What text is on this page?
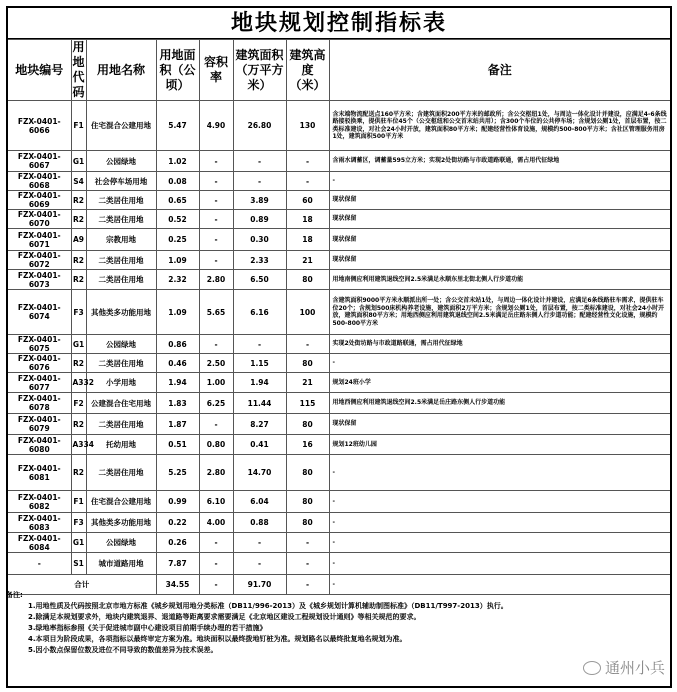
地块规划控制指标表
地块编号	用地代码	用地名称	用地面积（公顷）	容积率	建筑面积（万平方米）	建筑高度（米）	备注
FZX-0401-6066	F1	住宅混合公建用地	5.47	4.90	26.80	130	含末端物流配送点160平方米；含建筑面积200平方米的邮政所；含公交枢纽1处，与周边一体化设计并建设，应满足4-6条线路接驳换乘，提供驻车位45个（公交枢纽和公交首末站共用）；含300个车位的公共停车场；含规划公厕1处，首层布置，按二类标准建设，对社会24小时开放，建筑面积80平方米；配建经营性体育设施，规模约500-800平方米；含社区管理服务用房1处，建筑面积500平方米
FZX-0401-6067	G1	公园绿地	1.02	-	-	-	含雨水调蓄区，调蓄量595立方米；实现2处街坊路与市政道路联通，需占用代征绿地
FZX-0401-6068	S4	社会停车场用地	0.08	-	-	-	-
FZX-0401-6069	R2	二类居住用地	0.65	-	3.89	60	现状保留
FZX-0401-6070	R2	二类居住用地	0.52	-	0.89	18	现状保留
FZX-0401-6071	A9	宗教用地	0.25	-	0.30	18	现状保留
FZX-0401-6072	R2	二类居住用地	1.09	-	2.33	21	现状保留
FZX-0401-6073	R2	二类居住用地	2.32	2.80	6.50	80	用地南侧应利用建筑退线空间2.5米满足永顺东里北街北侧人行步道功能
FZX-0401-6074	F3	其他类多功能用地	1.09	5.65	6.16	100	含建筑面积9000平方米永顺派出所一处；含公交首末站1处，与周边一体化设计并建设，应满足6条线路驻车需求，提供驻车位20个；含规划500床机构养老设施，建筑面积2万平方米；含规划公厕1处，首层布置，按二类标准建设，对社会24小时开放，建筑面积80平方米；用地西侧应利用建筑退线空间2.5米满足岳庄路东侧人行步道功能；配建经营性文化设施，规模约500-800平方米
FZX-0401-6075	G1	公园绿地	0.86	-	-	-	实现2处街坊路与市政道路联通，需占用代征绿地
FZX-0401-6076	R2	二类居住用地	0.46	2.50	1.15	80	-
FZX-0401-6077	A332	小学用地	1.94	1.00	1.94	21	规划24班小学
FZX-0401-6078	F2	公建混合住宅用地	1.83	6.25	11.44	115	用地西侧应利用建筑退线空间2.5米满足岳庄路东侧人行步道功能
FZX-0401-6079	R2	二类居住用地	1.87	-	8.27	80	现状保留
FZX-0401-6080	A334	托幼用地	0.51	0.80	0.41	16	规划12班幼儿园
FZX-0401-6081	R2	二类居住用地	5.25	2.80	14.70	80	-
FZX-0401-6082	F1	住宅混合公建用地	0.99	6.10	6.04	80	-
FZX-0401-6083	F3	其他类多功能用地	0.22	4.00	0.88	80	-
FZX-0401-6084	G1	公园绿地	0.26	-	-	-	-
-	S1	城市道路用地	7.87	-	-	-	-
合计			34.55	-	91.70	-	-
备注:
1.用地性质及代码按照北京市地方标准《城乡规划用地分类标准（DB11/996-2013）及《城乡规划计算机辅助制图标准》（DB11/T997-2013）执行。
2.除满足本规划要求外，地块内建筑退界、退道路等距离要求需要满足《北京地区建设工程规划设计通则》等相关规范的要求。
3.绿地率指标参照《关于促进城市副中心建设项目前期手续办理的若干措施》
4.本项目为阶段成果，各项指标以最终审定方案为准。地块面积以最终拨地钉桩为准。规划路名以最终批复地名规划为准。
5.因小数点保留位数及进位不同导致的数值差异为技术误差。
通州小兵
